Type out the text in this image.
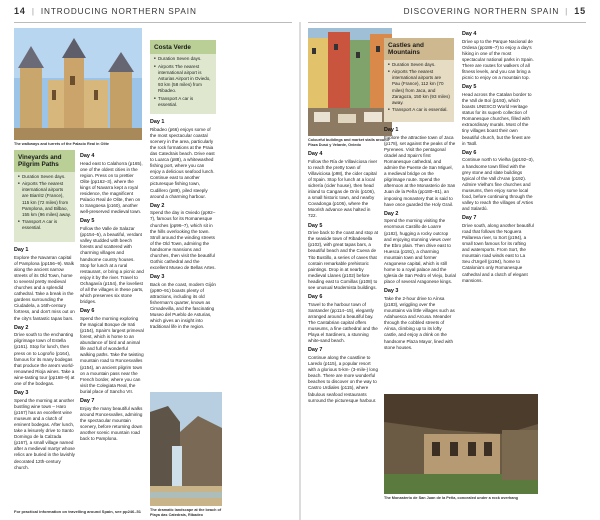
14 | INTRODUCING NORTHERN SPAIN	DISCOVERING NORTHERN SPAIN | 15
The walkways and turrets of the Palacio Real in Olite
Vineyards and Pilgrim Paths
■ Duration Seven days.
■ Airports The nearest international airports are Biarritz (France), 115 km (72 miles) from Pamplona, and Bilbao, 155 km (96 miles) away.
■ Transport A car is essential.
Day 1

Explore the Navarran capital of Pamplona (pp156–9). Walk along the ancient narrow streets of its Old Town, home to several pretty medieval churches and a splendid cathedral. Take a break in the gardens surrounding the Ciudadela, a 16th-century fortress, and don't miss out on the city's fantastic tapas bars.

Day 2

Drive south to the enchanting pilgrimage town of Estella (p161). Stop for lunch, then press on to Logroño (p164), famous for its many bodegas that produce the area's world-renowned Rioja wines. Take a wine-tasting tour (pp168–9) at one of the bodegas.

Day 3

Spend the morning at another bustling wine town – Haro (p167) has an excellent wine museum and a clutch of eminent bodegas. After lunch, take a leisurely drive to Santo Domingo de la Calzada (p167), a small village named after a medieval martyr whose relics are buried in the lavishly decorated 12th-century church.

Day 4

Head east to Calahorra (p165), one of the oldest cities in the region. Press on to prettier Olite (pp162–3), where the kings of Navarra kept a royal residence, the magnificent Palacio Real de Olite, then on to Sangüesa (p160), another well-preserved medieval town.

Day 5

Follow the Valle de Salazar (pp154–5), a beautiful, verdant valley studded with beech forests and scattered with charming villages and handsome country houses. Stop for lunch at a rural restaurant, or bring a picnic and enjoy it by the river. Travel to Ochagavía (p154), the loveliest of all the villages in these parts, which preserves six stone bridges.

Day 6

Spend the morning exploring the magical Bosque de Irati (p154), Spain's largest primeval forest, which is home to an abundance of bird and animal life and full of wonderful walking paths. Take the twisting mountain road to Roncesvalles (p154), an ancient pilgrim town on a mountain pass near the French border, where you can visit the Colegiata Real, the burial place of Sancho VII.

Day 7

Enjoy the many beautiful walks around Roncesvalles, admiring the spectacular mountain scenery, before returning down another scenic mountain road back to Pamplona.

Costa Verde
■ Duration Seven days.
■ Airports The nearest international airport is Asturias Airport in Oviedo, 93 km (58 miles) from Ribadeo.
■ Transport A car is essential.
Day 1

Ribadeo (p66) enjoys some of the most spectacular coastal scenery in the area, particularly the rock formations at the Praia das Catedrais beach. Drive east to Luarca (p88), a whitewashed fishing port, where you can enjoy a delicious seafood lunch. Continue east to another picturesque fishing town, Cudillero (p89), piled steeply around a charming harbour.

Day 2

Spend the day in Oviedo (pp92–7), famous for its Romanesque churches (pp96–7), which sit in the hills overlooking the town. Stroll around the winding streets of the Old Town, admiring the handsome mansions and churches, then visit the beautiful Gothic cathedral and the excellent Museo de Bellas Artes.

Day 3

Back on the coast, modern Gijón (pp90–91) boasts plenty of attractions, including its old fisherman's quarter, known as Cimadevilla, and the fascinating Museo del Pueblo de Asturias, which gives an insight into traditional life in the region.

The dramatic landscape at the beach of Playa das Catedrais, Ribadeo
Colourful buildings and market stalls around Plaza Dusó y Velarde, Oviedo
Day 4

Follow the Ría de Villaviciosa river to reach the pretty town of Villaviciosa (p98), the cider capital of Spain. Stop for lunch at a local sidrería (cider house), then head inland to Cangas de Onís (p106), a small historic town, and nearby Covadonga (p106), where the Moorish advance was halted in 722.

Day 5

Drive back to the coast and stop at the seaside town of Ribadesella (p102), with great tapas bars, a beautiful beach and the Cueva de Tito Bustillo, a series of caves that contain remarkable prehistoric paintings. Drop in at nearby medieval Llanes (p102) before heading east to Comillas (p108) to see unusual Modernista buildings.

Day 6

Travel to the harbour town of Santander (pp114–15), elegantly arranged around a beautiful bay. The Cantabrian capital offers museums, a fine cathedral and the Playa el Sardinero, a stunning white-sand beach.

Day 7

Continue along the coastline to Laredo (p115), a popular resort with a glorious 5-km- (3-mile-) long beach. There are more wonderful beaches to discover on the way to Castro Urdiales (p115), where fabulous seafood restaurants surround the picturesque harbour.

Castles and Mountains
■ Duration Seven days.
■ Airports The nearest international airports are Pau (France), 112 km (70 miles) from Jaca, and Zaragoza, 150 km (93 miles) away.
■ Transport A car is essential.
Day 1

Explore the attractive town of Jaca (p178), set against the peaks of the Pyrenees. Visit the pentagonal citadel and Spain's first Romanesque cathedral, and admire the Puente de San Miguel, a medieval bridge on the pilgrimage route. Spend the afternoon at the Monasterio de San Juan de la Peña (pp180–81), an imposing monastery that is said to have once guarded the Holy Grail.

Day 2

Spend the morning visiting the enormous Castillo de Loarre (p182), hugging a rocky outcrop and enjoying stunning views over the Ebro plain. Then drive east to Huesca (p191), a charming mountain town and former Aragonese capital, which is still home to a royal palace and the Iglesia de San Pedro el Viejo, burial place of several Aragonese kings.

Day 3

Take the 2-hour drive to Aínsa (p183), wriggling over the mountains via little villages such as Adahuesca and Arcusa. Meander through the cobbled streets of Aínsa, climbing up to its lofty castle, and enjoy a drink on the handsome Plaza Mayor, lined with stone houses.

The Monasterio de San Juan de la Peña, concealed under a rock overhang
Day 4

Drive up to the Parque Nacional de Ordesa (pp186–7) to enjoy a day's hiking in one of the most spectacular national parks in Spain. There are routes for walkers of all fitness levels, and you can bring a picnic to enjoy on a mountain top.

Day 5

Head across the Catalan border to the Vall de Boí (p193), which boasts UNESCO World Heritage status for its superb collection of Romanesque churches, filled with extraordinary murals. Most of the tiny villages boast their own beautiful church, but the finest are in Taüll.

Day 6

Continue north to Vielha (pp192–3), a handsome town filled with the grey stone and slate buildings typical of the Vall d'Aran (p192). Admire Vielha's fine churches and museums, then enjoy some local food, before continuing through the valley to reach the villages of Arties and Salardú.

Day 7

Drive south, along another beautiful road that follows the Noguera Pallaresa river, to Sort (p194), a small town famous for its rafting and watersports. From Sort, the mountain road winds east to La Seu d'Urgell (p194), home to Catalonia's only Romanesque cathedral and a clutch of elegant mansions.

For practical information on travelling around Spain, see pp246–51
